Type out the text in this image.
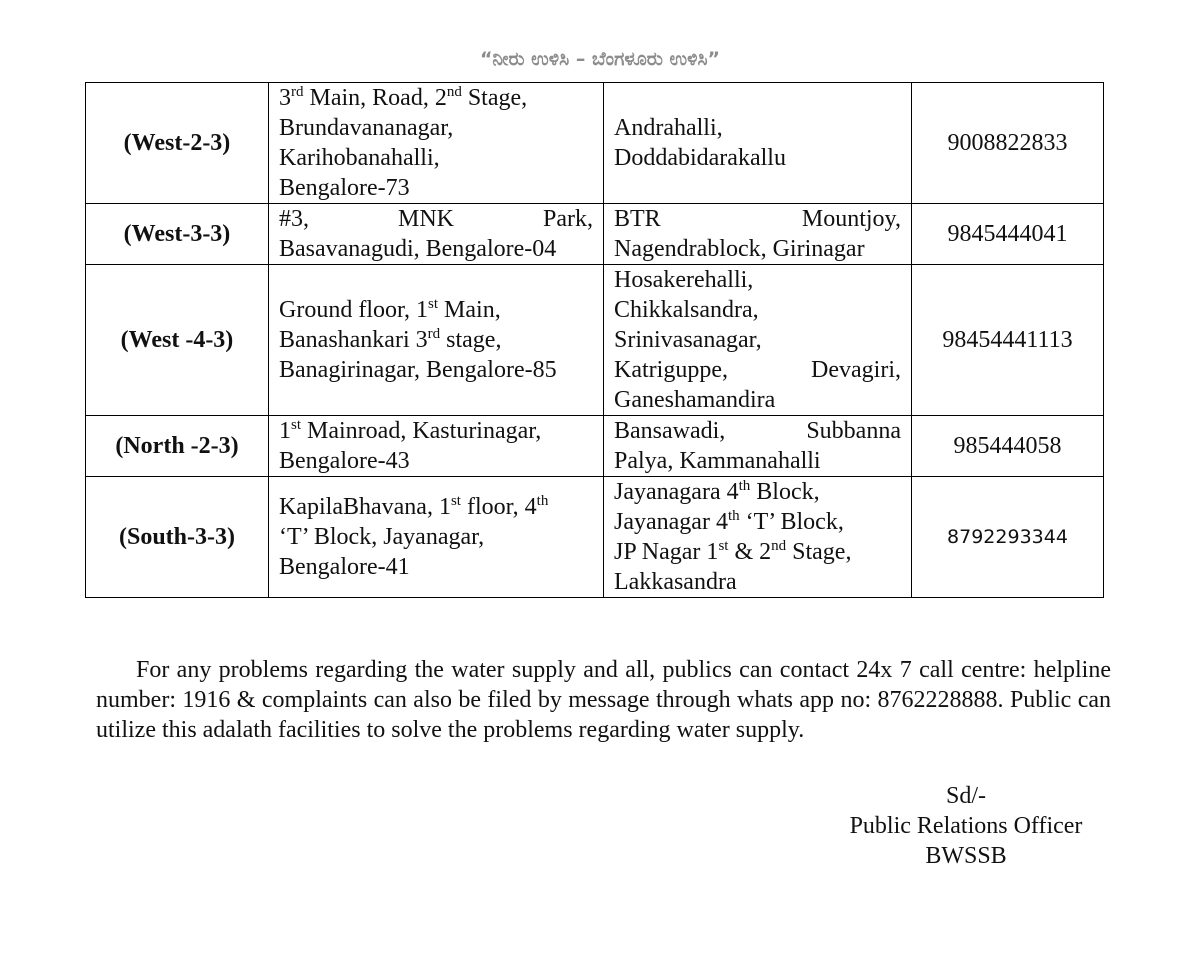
“ನೀರು ಉಳಿಸಿ – ಬೆಂಗಳೂರು ಉಳಿಸಿ”
(West-2-3)	3rd Main, Road, 2nd Stage,
Brundavananagar,
Karihobanahalli,
Bengalore-73	Andrahalli,
Doddabidarakallu	9008822833
(West-3-3)	#3, MNK Park,
Basavanagudi, Bengalore-04	BTR Mountjoy,
Nagendrablock, Girinagar	9845444041
(West -4-3)	Ground floor, 1st Main,
Banashankari 3rd stage,
Banagirinagar, Bengalore-85	Hosakerehalli,
Chikkalsandra,
Srinivasanagar,
Katriguppe, Devagiri,
Ganeshamandira	98454441113
(North -2-3)	1st Mainroad, Kasturinagar,
Bengalore-43	Bansawadi, Subbanna
Palya, Kammanahalli	985444058
(South-3-3)	KapilaBhavana, 1st floor, 4th
‘T’ Block, Jayanagar,
Bengalore-41	Jayanagara 4th Block,
Jayanagar 4th ‘T’ Block,
JP Nagar 1st & 2nd Stage,
Lakkasandra	8792293344

For any problems regarding the water supply and all, publics can contact 24x 7 call centre: helpline number: 1916 & complaints can also be filed by message through whats app no: 8762228888. Public can utilize this adalath facilities to solve the problems regarding water supply.

Sd/-
Public Relations Officer
BWSSB
